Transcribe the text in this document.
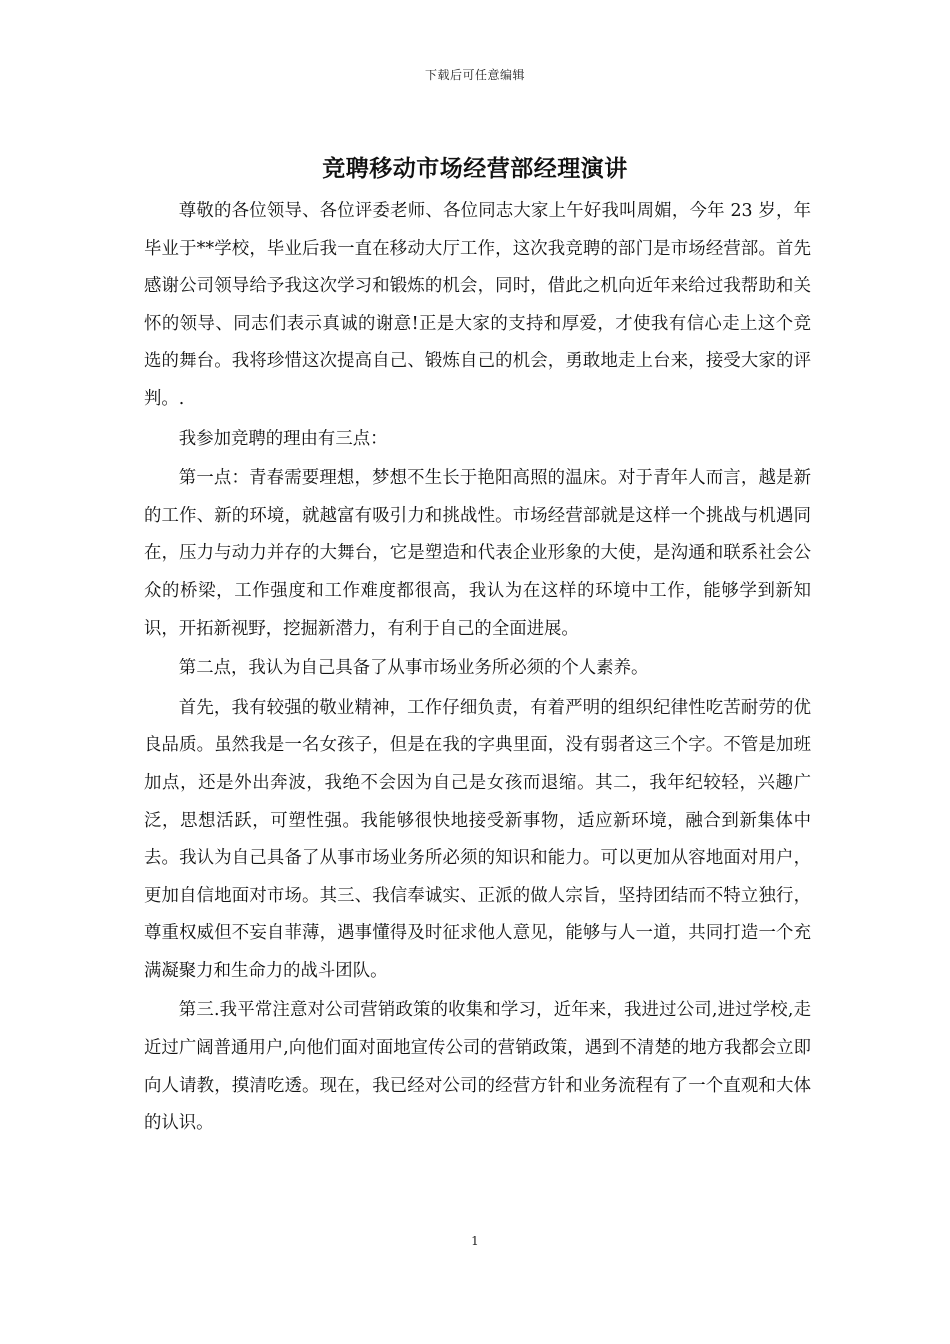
下载后可任意编辑
竞聘移动市场经营部经理演讲

尊敬的各位领导、各位评委老师、各位同志大家上午好我叫周媚，今年 23 岁，年毕业于**学校，毕业后我一直在移动大厅工作，这次我竞聘的部门是市场经营部。首先感谢公司领导给予我这次学习和锻炼的机会，同时，借此之机向近年来给过我帮助和关怀的领导、同志们表示真诚的谢意!正是大家的支持和厚爱，才使我有信心走上这个竞选的舞台。我将珍惜这次提高自己、锻炼自己的机会，勇敢地走上台来，接受大家的评判。.

我参加竞聘的理由有三点：

第一点：青春需要理想，梦想不生长于艳阳高照的温床。对于青年人而言，越是新的工作、新的环境，就越富有吸引力和挑战性。市场经营部就是这样一个挑战与机遇同在，压力与动力并存的大舞台，它是塑造和代表企业形象的大使，是沟通和联系社会公众的桥梁，工作强度和工作难度都很高，我认为在这样的环境中工作，能够学到新知识，开拓新视野，挖掘新潜力，有利于自己的全面进展。

第二点，我认为自己具备了从事市场业务所必须的个人素养。

首先，我有较强的敬业精神，工作仔细负责，有着严明的组织纪律性吃苦耐劳的优良品质。虽然我是一名女孩子，但是在我的字典里面，没有弱者这三个字。不管是加班加点，还是外出奔波，我绝不会因为自己是女孩而退缩。其二，我年纪较轻，兴趣广泛，思想活跃，可塑性强。我能够很快地接受新事物，适应新环境，融合到新集体中去。我认为自己具备了从事市场业务所必须的知识和能力。可以更加从容地面对用户，更加自信地面对市场。其三、我信奉诚实、正派的做人宗旨，坚持团结而不特立独行，尊重权威但不妄自菲薄，遇事懂得及时征求他人意见，能够与人一道，共同打造一个充满凝聚力和生命力的战斗团队。

第三.我平常注意对公司营销政策的收集和学习，近年来，我进过公司,进过学校,走近过广阔普通用户,向他们面对面地宣传公司的营销政策，遇到不清楚的地方我都会立即向人请教，摸清吃透。现在，我已经对公司的经营方针和业务流程有了一个直观和大体的认识。

1
